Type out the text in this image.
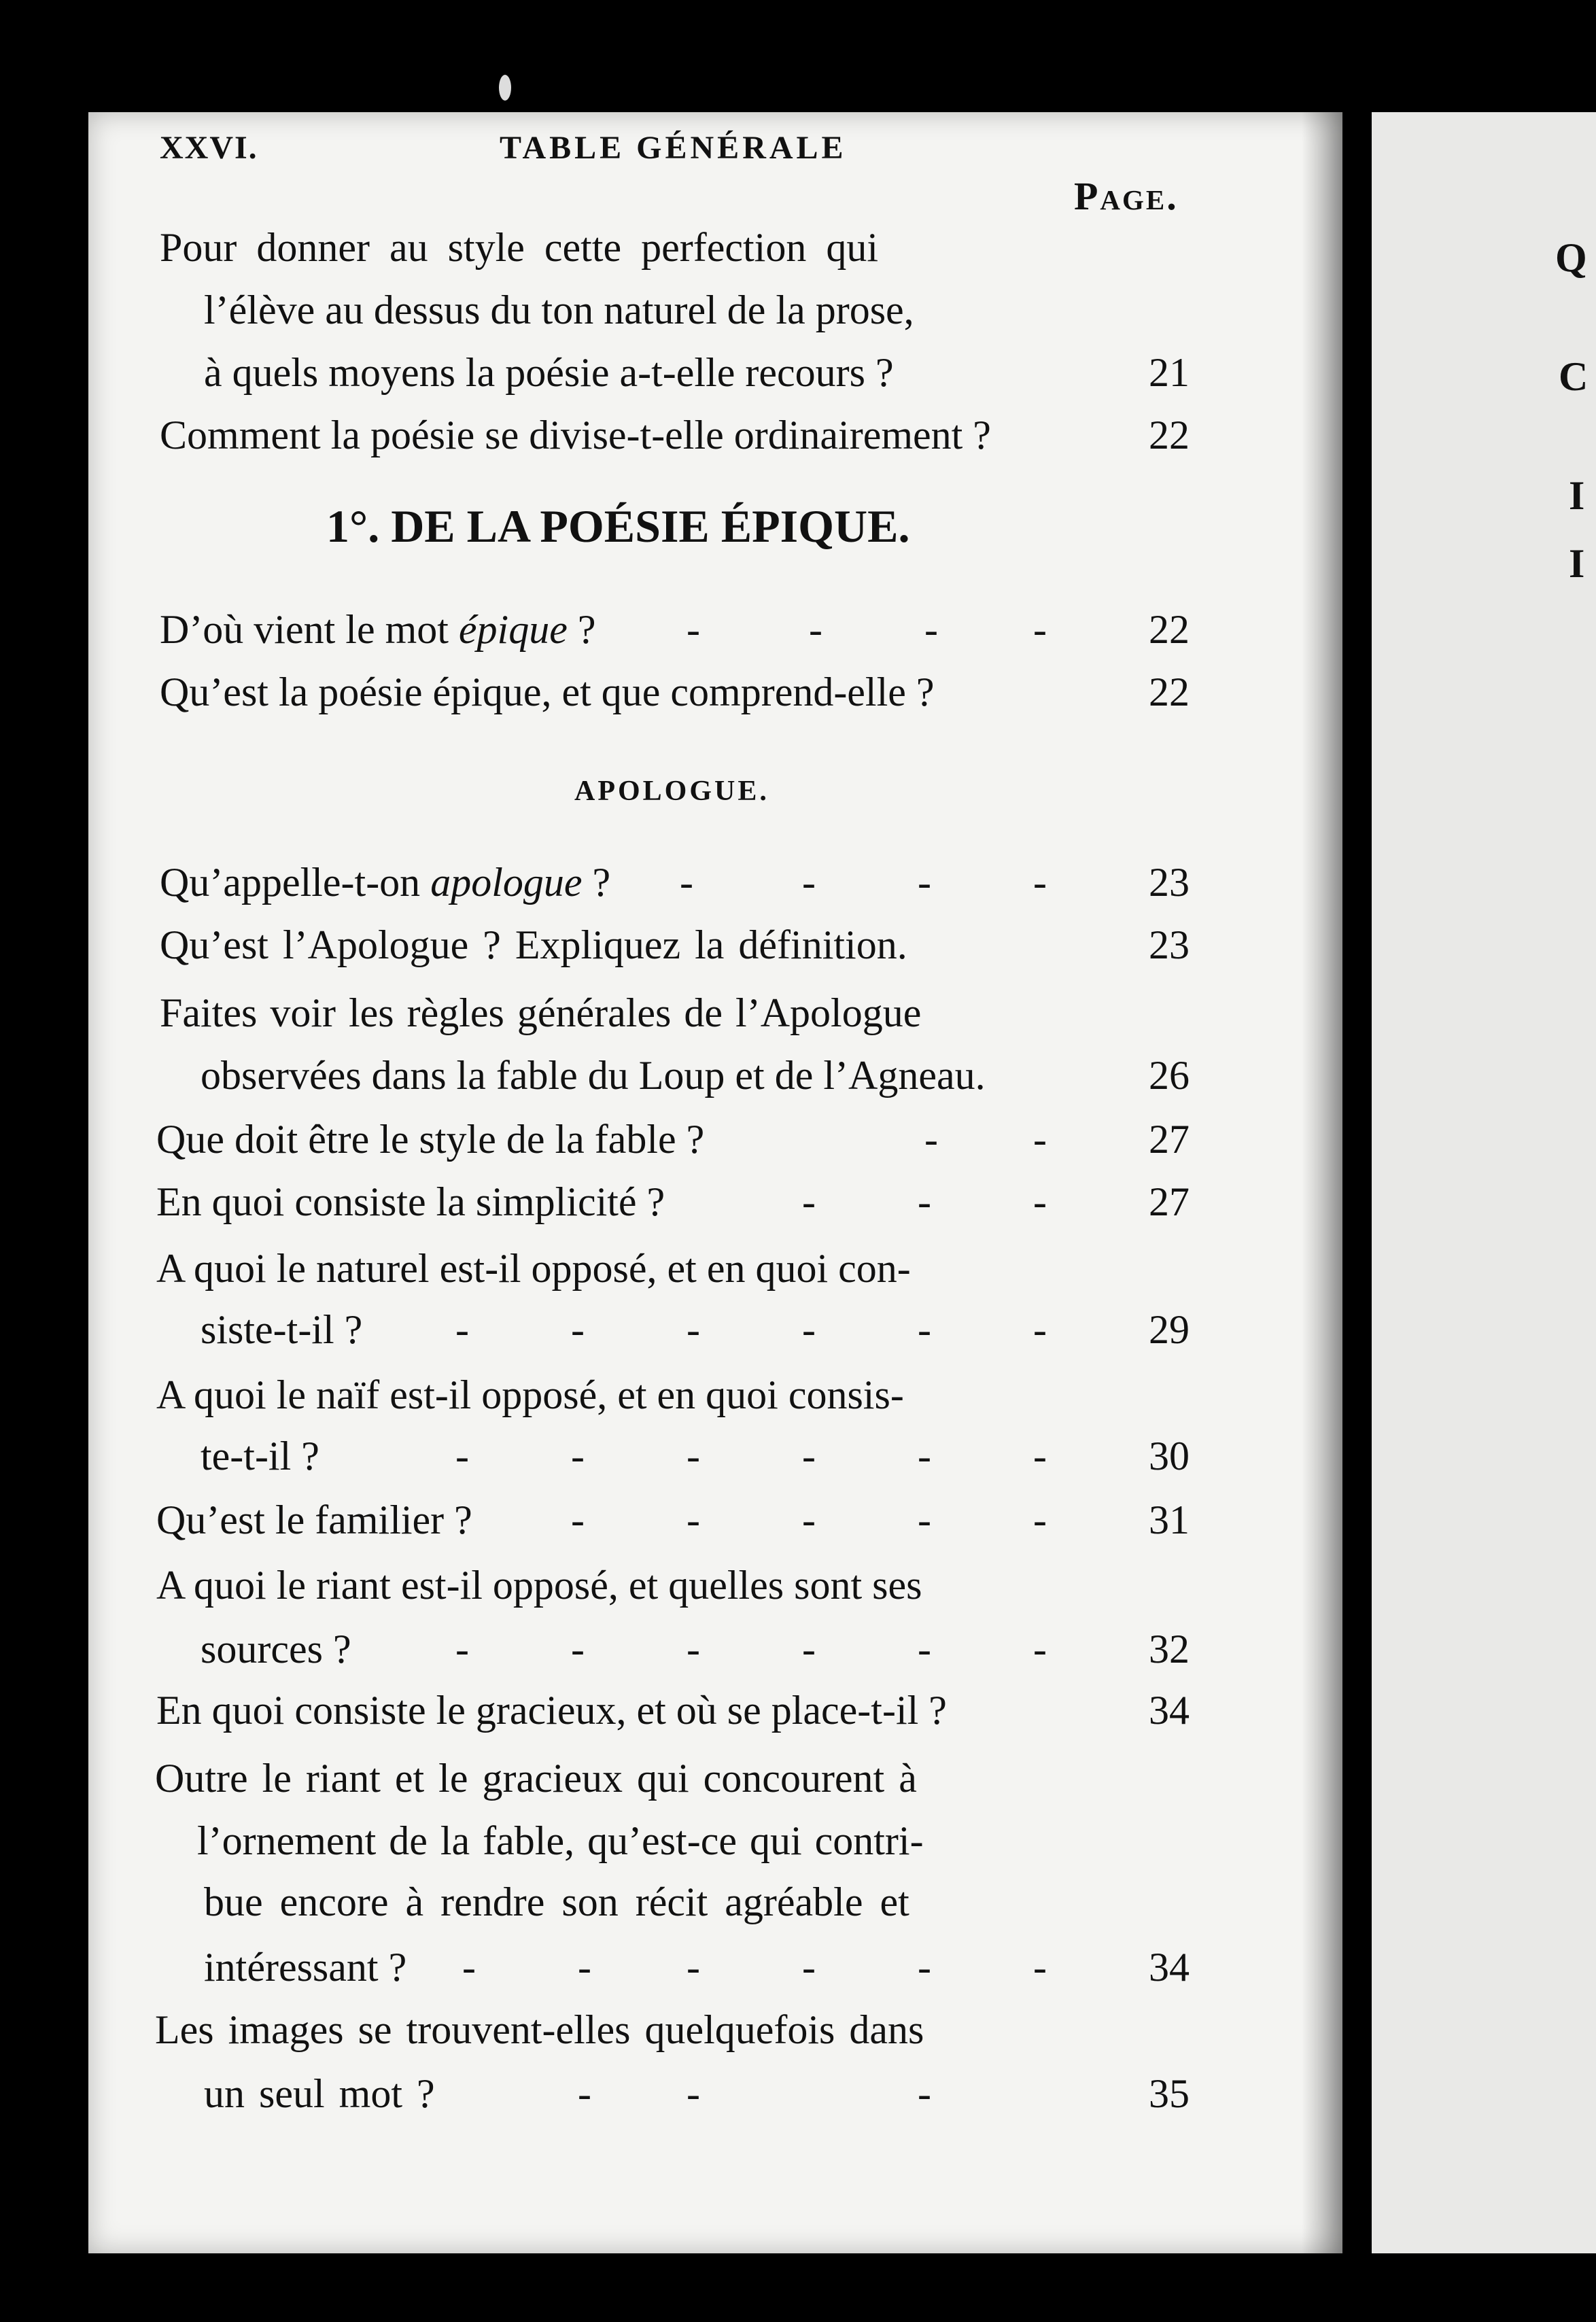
Q
C
I
I
XXVI.	TABLE GÉNÉRALE
Page.
Pour donner au style cette perfection qui
l’élève au dessus du ton naturel de la prose,
à quels moyens la poésie a-t-elle recours ?	21
Comment la poésie se divise-t-elle ordinairement ?	22
1°. DE LA POÉSIE ÉPIQUE.
D’où vient le mot épique ? -	-	- -	22
Qu’est la poésie épique, et que comprend-elle ?	22
APOLOGUE.
Qu’appelle-t-on apologue ? -	-	-	-	23
Qu’est l’Apologue ? Expliquez la définition.	23
Faites voir les règles générales de l’Apologue
observées dans la fable du Loup et de l’Agneau.	26
Que doit être le style de la fable ?	- -	27
En quoi consiste la simplicité ?	-	-	-	27
A quoi le naturel est-il opposé, et en quoi con-
siste-t-il ? -	-	-	-	-	-	29
A quoi le naïf est-il opposé, et en quoi consis-
te-t-il ?	-	-	-	-	-	-	30
Qu’est le familier ? -	-	-	-	-	31
A quoi le riant est-il opposé, et quelles sont ses
sources ?	-	-	-	-	-	-	32
En quoi consiste le gracieux, et où se place-t-il ?	34
Outre le riant et le gracieux qui concourent à
l’ornement de la fable, qu’est-ce qui contri-
bue encore à rendre son récit agréable et
intéressant ? -	- -	-	-	-	34
Les images se trouvent-elles quelquefois dans
un seul mot ?	- -	-	35
